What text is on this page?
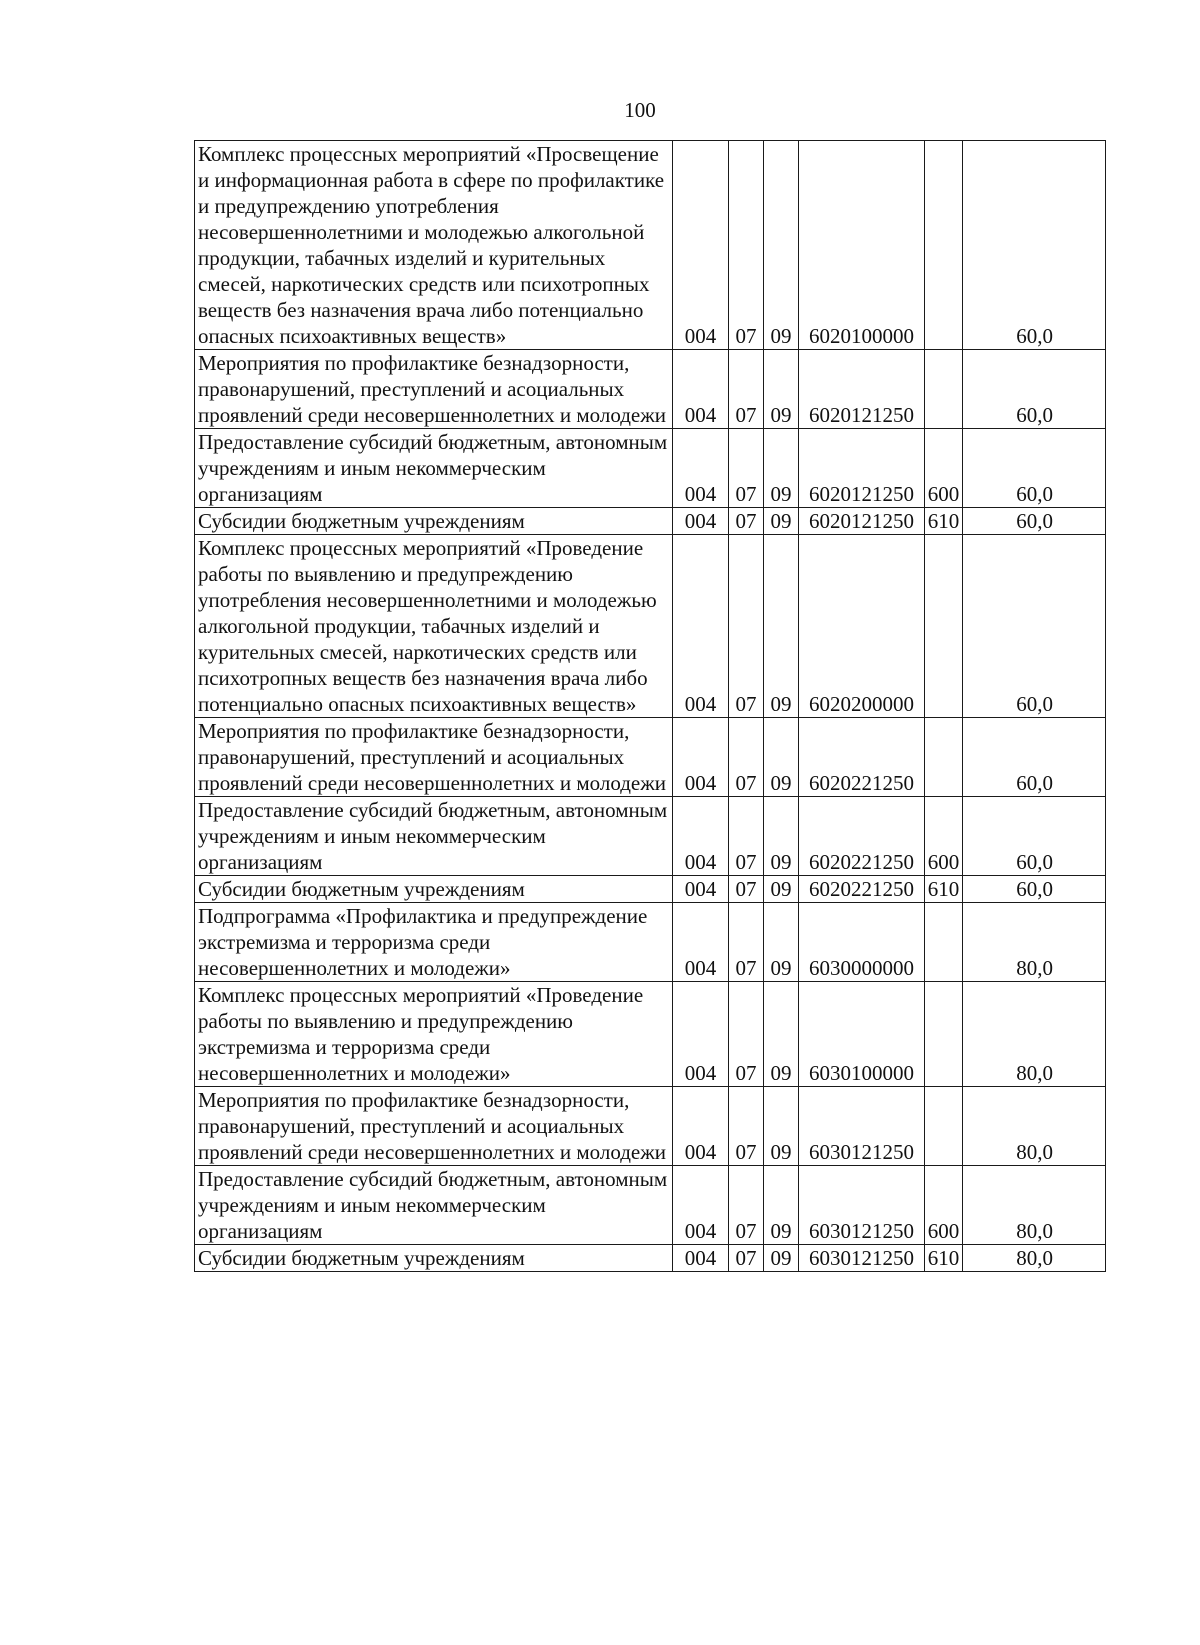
100
Комплекс процессных мероприятий «Просвещение и информационная работа в сфере по профилактике и предупреждению употребления несовершеннолетними и молодежью алкогольной продукции, табачных изделий и курительных смесей, наркотических средств или психотропных веществ без назначения врача либо потенциально опасных психоактивных веществ»	004	07	09	6020100000		60,0
Мероприятия по профилактике безнадзорности, правонарушений, преступлений и асоциальных проявлений среди несовершеннолетних и молодежи	004	07	09	6020121250		60,0
Предоставление субсидий бюджетным, автономным учреждениям и иным некоммерческим организациям	004	07	09	6020121250	600	60,0
Субсидии бюджетным учреждениям	004	07	09	6020121250	610	60,0
Комплекс процессных мероприятий «Проведение работы по выявлению и предупреждению употребления несовершеннолетними и молодежью алкогольной продукции, табачных изделий и курительных смесей, наркотических средств или психотропных веществ без назначения врача либо потенциально опасных психоактивных веществ»	004	07	09	6020200000		60,0
Мероприятия по профилактике безнадзорности, правонарушений, преступлений и асоциальных проявлений среди несовершеннолетних и молодежи	004	07	09	6020221250		60,0
Предоставление субсидий бюджетным, автономным учреждениям и иным некоммерческим организациям	004	07	09	6020221250	600	60,0
Субсидии бюджетным учреждениям	004	07	09	6020221250	610	60,0
Подпрограмма «Профилактика и предупреждение экстремизма и терроризма среди несовершеннолетних и молодежи»	004	07	09	6030000000		80,0
Комплекс процессных мероприятий «Проведение работы по выявлению и предупреждению экстремизма и терроризма среди несовершеннолетних и молодежи»	004	07	09	6030100000		80,0
Мероприятия по профилактике безнадзорности, правонарушений, преступлений и асоциальных проявлений среди несовершеннолетних и молодежи	004	07	09	6030121250		80,0
Предоставление субсидий бюджетным, автономным учреждениям и иным некоммерческим организациям	004	07	09	6030121250	600	80,0
Субсидии бюджетным учреждениям	004	07	09	6030121250	610	80,0
